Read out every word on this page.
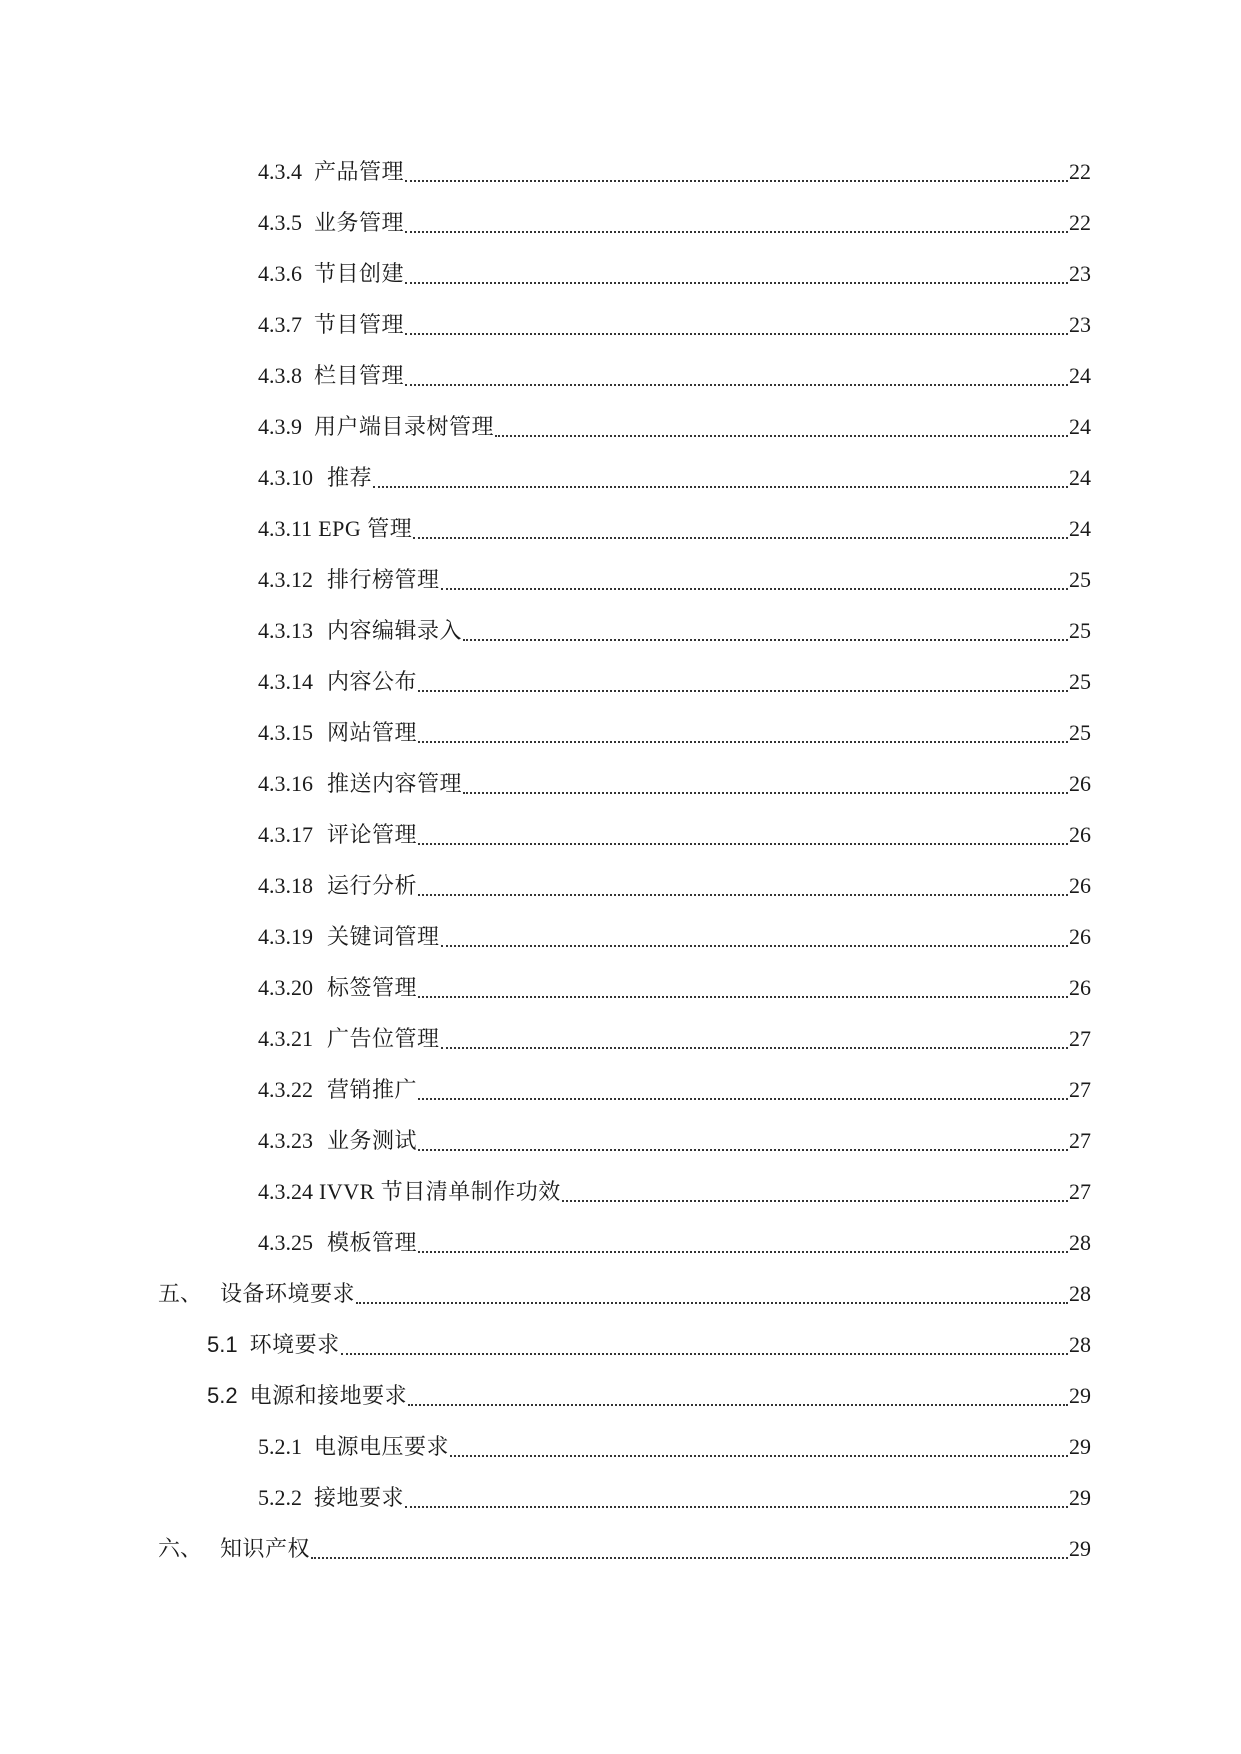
4.3.4 产品管理	22
4.3.5 业务管理	22
4.3.6 节目创建	23
4.3.7 节目管理	23
4.3.8 栏目管理	24
4.3.9 用户端目录树管理	24
4.3.10 推荐	24
4.3.11 EPG 管理	24
4.3.12 排行榜管理	25
4.3.13 内容编辑录入	25
4.3.14 内容公布	25
4.3.15 网站管理	25
4.3.16 推送内容管理	26
4.3.17 评论管理	26
4.3.18 运行分析	26
4.3.19 关键词管理	26
4.3.20 标签管理	26
4.3.21 广告位管理	27
4.3.22 营销推广	27
4.3.23 业务测试	27
4.3.24 IVVR 节目清单制作功效	27
4.3.25 模板管理	28
五、 设备环境要求	28
5.1 环境要求	28
5.2 电源和接地要求	29
5.2.1 电源电压要求	29
5.2.2 接地要求	29
六、 知识产权	29
